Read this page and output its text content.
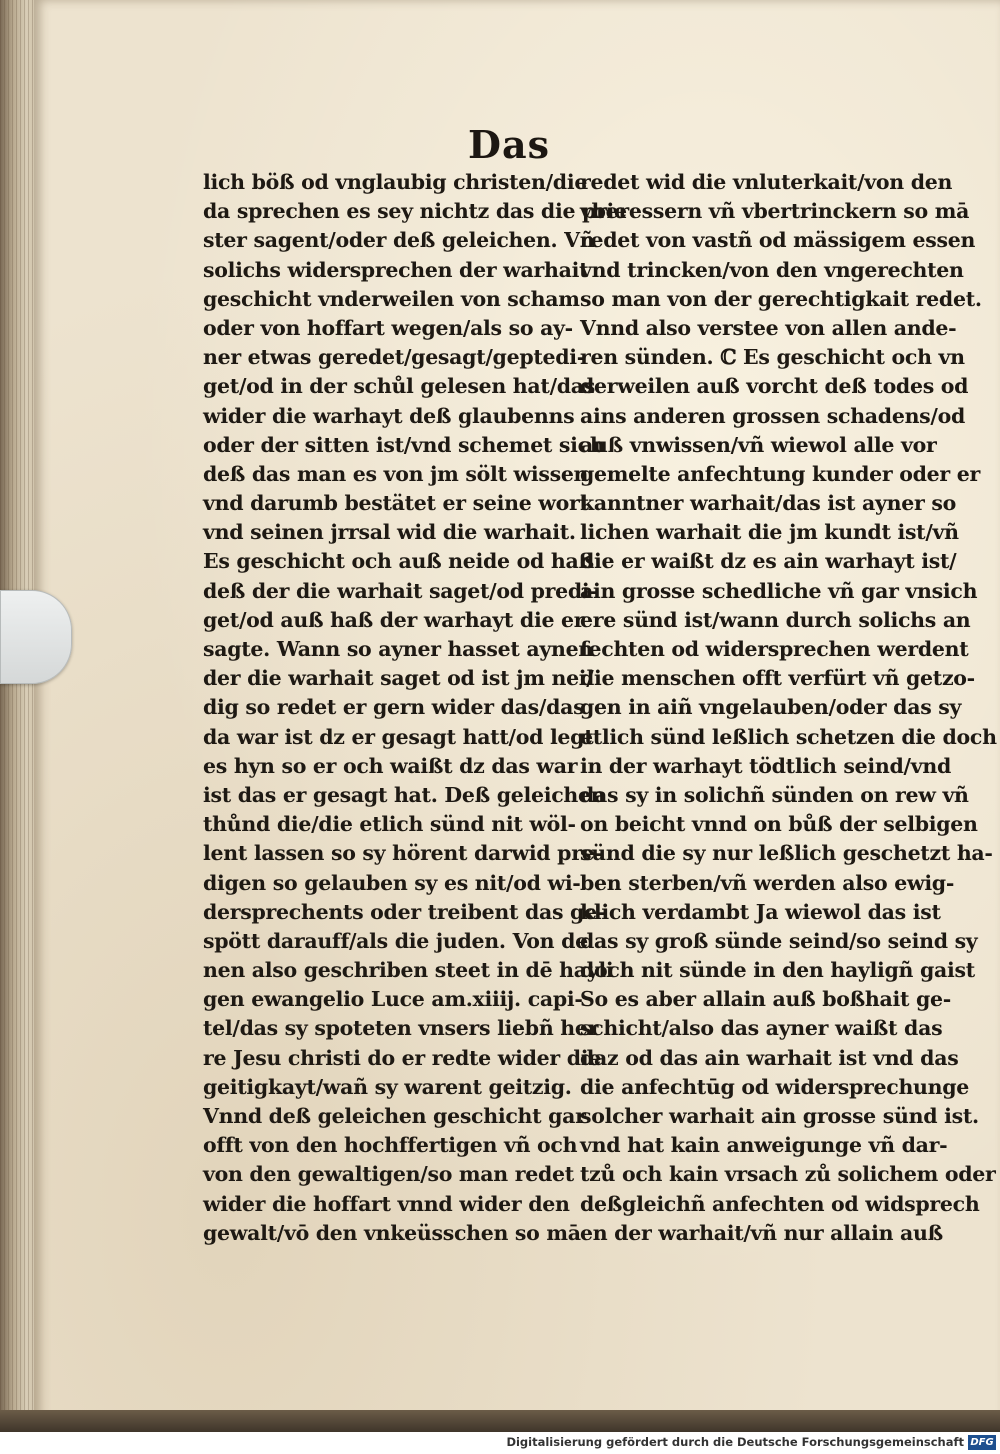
Das
lich böß od vnglaubig christen/die
da sprechen es sey nichtz das die prie
ster sagent/oder deß geleichen. Vñ
solichs widersprechen der warhait
geschicht vnderweilen von scham
oder von hoffart wegen/als so ay-
ner etwas geredet/gesagt/geptedi-
get/od in der schůl gelesen hat/das
wider die warhayt deß glaubenns
oder der sitten ist/vnd schemet sich
deß das man es von jm sölt wissen
vnd darumb bestätet er seine wort
vnd seinen jrrsal wid die warhait.
Es geschicht och auß neide od haß
deß der die warhait saget/od predi-
get/od auß haß der warhayt die er
sagte. Wann so ayner hasset aynen
der die warhait saget od ist jm nei/
dig so redet er gern wider das/das
da war ist dz er gesagt hatt/od legt
es hyn so er och waißt dz das war
ist das er gesagt hat. Deß geleichen
thůnd die/die etlich sünd nit wöl-
lent lassen so sy hörent darwid pre-
digen so gelauben sy es nit/od wi-
dersprechents oder treibent das ge-
spött darauff/als die juden. Von de
nen also geschriben steet in dē hayli
gen ewangelio Luce am.xiiij. capi-
tel/das sy spoteten vnsers liebñ her
re Jesu christi do er redte wider die
geitigkayt/wañ sy warent geitzig.
Vnnd deß geleichen geschicht gar
offt von den hochffertigen vñ och
von den gewaltigen/so man redet
wider die hoffart vnnd wider den
gewalt/vō den vnkeüsschen so mā
redet wid die vnluterkait/von den
vberessern vñ vbertrinckern so mā
redet von vastñ od mässigem essen
vnd trincken/von den vngerechten
so man von der gerechtigkait redet.
Vnnd also verstee von allen ande-
ren sünden. ℂ Es geschicht och vn
derweilen auß vorcht deß todes od
ains anderen grossen schadens/od
auß vnwissen/vñ wiewol alle vor
gemelte anfechtung kunder oder er
kanntner warhait/das ist ayner so
lichen warhait die jm kundt ist/vñ
die er waißt dz es ain warhayt ist/
ain grosse schedliche vñ gar vnsich
ere sünd ist/wann durch solichs an
fechten od widersprechen werdent
die menschen offt verfürt vñ getzo-
gen in aiñ vngelauben/oder das sy
etlich sünd leßlich schetzen die doch
in der warhayt tödtlich seind/vnd
das sy in solichñ sünden on rew vñ
on beicht vnnd on bůß der selbigen
sünd die sy nur leßlich geschetzt ha-
ben sterben/vñ werden also ewig-
klich verdambt Ja wiewol das ist
das sy groß sünde seind/so seind sy
doch nit sünde in den hayligñ gaist
So es aber allain auß boßhait ge-
schicht/also das ayner waißt das
daz od das ain warhait ist vnd das
die anfechtūg od widersprechunge
solcher warhait ain grosse sünd ist.
vnd hat kain anweigunge vñ dar-
tzů och kain vrsach zů solichem oder
deßgleichñ anfechten od widsprech
en der warhait/vñ nur allain auß
Digitalisierung gefördert durch die Deutsche Forschungsgemeinschaft DFG
